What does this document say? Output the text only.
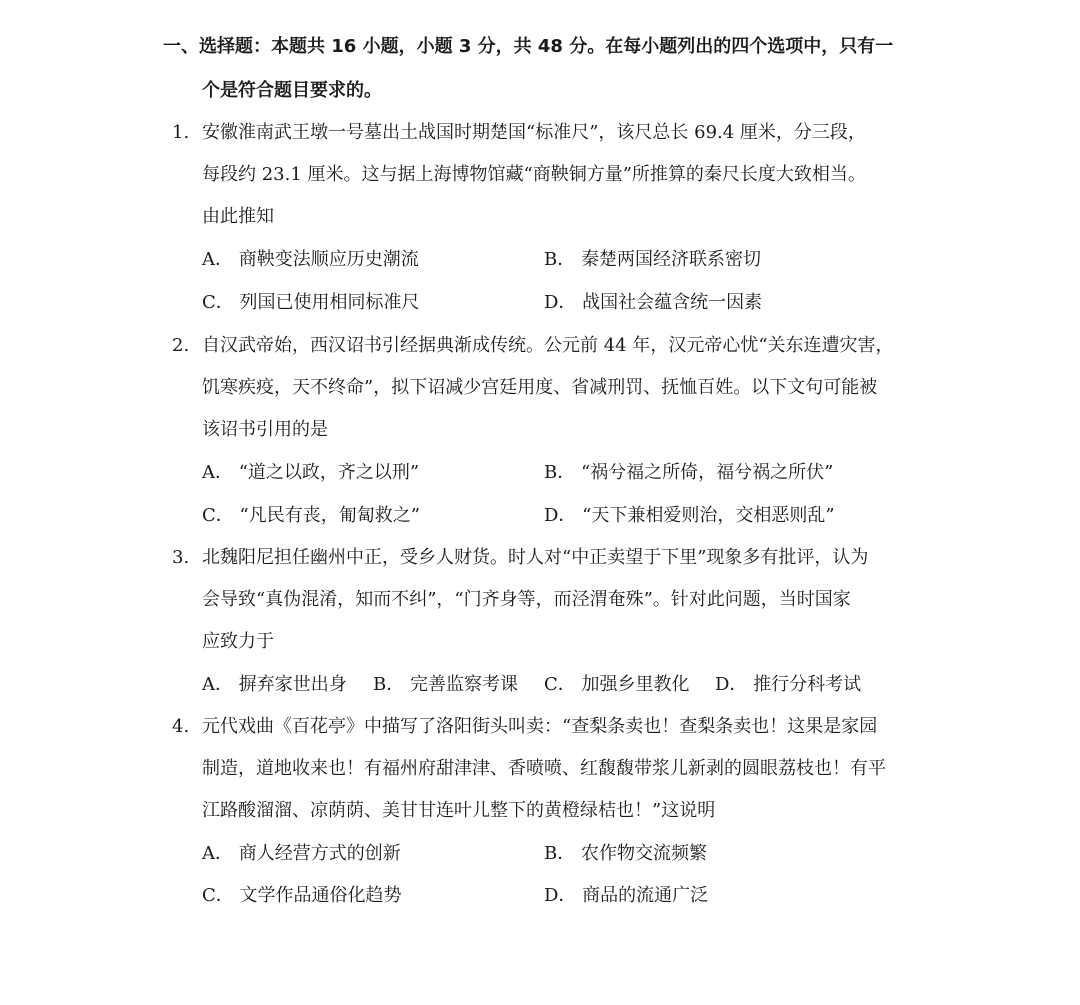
一、选择题：本题共 16 小题，小题 3 分，共 48 分。在每小题列出的四个选项中，只有一
个是符合题目要求的。
1. 安徽淮南武王墩一号墓出土战国时期楚国“标准尺”，该尺总长 69.4 厘米，分三段，
每段约 23.1 厘米。这与据上海博物馆藏“商鞅铜方量”所推算的秦尺长度大致相当。
由此推知
A． 商鞅变法顺应历史潮流	B． 秦楚两国经济联系密切
C． 列国已使用相同标准尺	D． 战国社会蕴含统一因素
2. 自汉武帝始，西汉诏书引经据典渐成传统。公元前 44 年，汉元帝心忧“关东连遭灾害，
饥寒疾疫，天不终命”，拟下诏减少宫廷用度、省减刑罚、抚恤百姓。以下文句可能被
该诏书引用的是
A． “道之以政，齐之以刑”	B． “祸兮福之所倚，福兮祸之所伏”
C． “凡民有丧，匍匐救之”	D． “天下兼相爱则治，交相恶则乱”
3. 北魏阳尼担任幽州中正，受乡人财货。时人对“中正卖望于下里”现象多有批评，认为
会导致“真伪混淆，知而不纠”，“门齐身等，而泾渭奄殊”。针对此问题，当时国家
应致力于
A． 摒弃家世出身 B． 完善监察考课 C． 加强乡里教化 D． 推行分科考试
4. 元代戏曲《百花亭》中描写了洛阳街头叫卖：“查梨条卖也！查梨条卖也！这果是家园
制造，道地收来也！有福州府甜津津、香喷喷、红馥馥带浆儿新剥的圆眼荔枝也！有平
江路酸溜溜、凉荫荫、美甘甘连叶儿整下的黄橙绿桔也！”这说明
A． 商人经营方式的创新	B． 农作物交流频繁
C． 文学作品通俗化趋势	D． 商品的流通广泛
